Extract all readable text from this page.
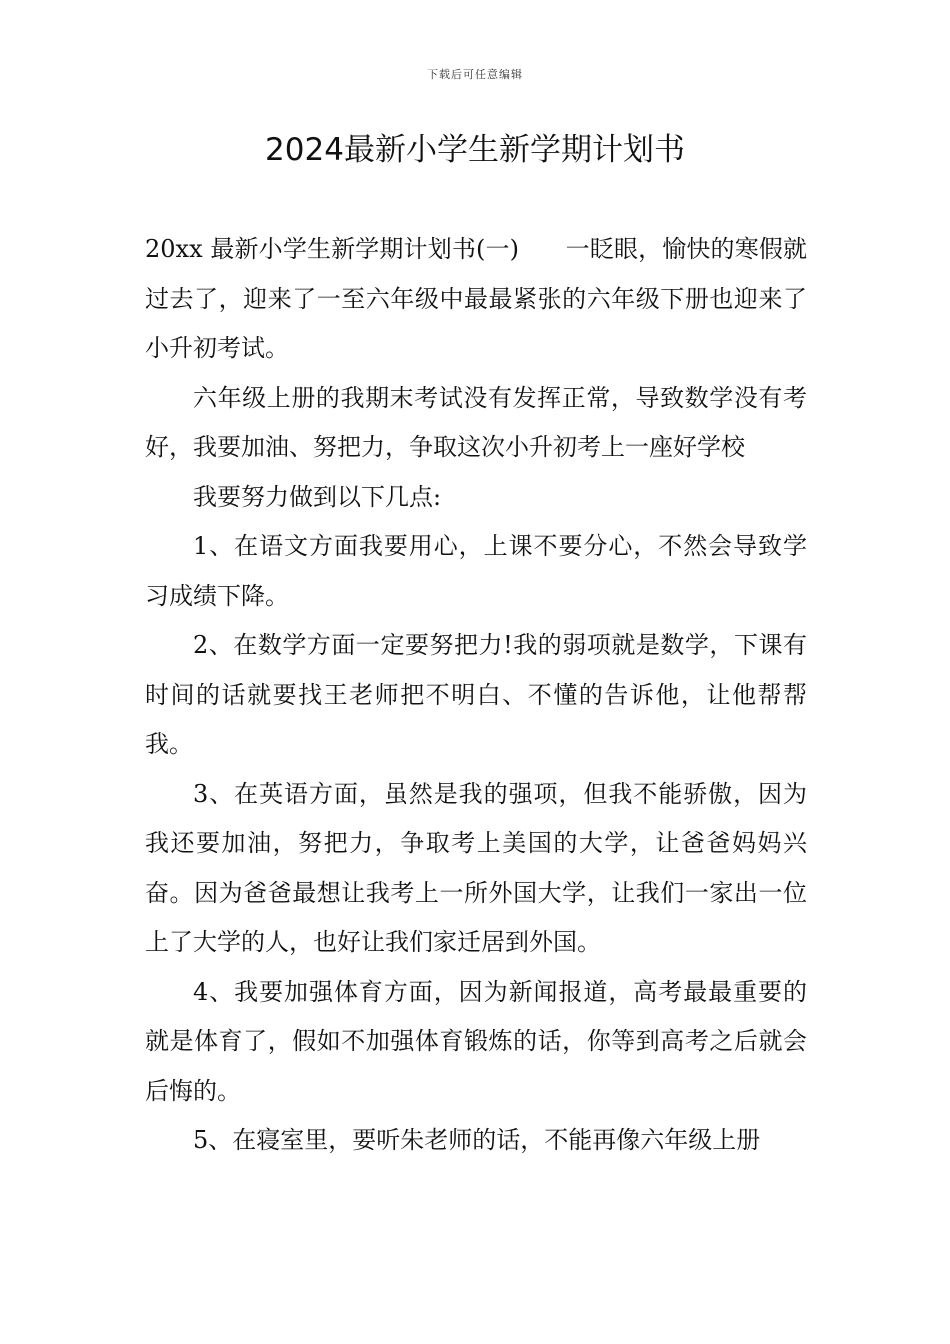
下载后可任意编辑
2024最新小学生新学期计划书

20xx 最新小学生新学期计划书(一)      一眨眼，愉快的寒假就过去了，迎来了一至六年级中最最紧张的六年级下册也迎来了小升初考试。

六年级上册的我期末考试没有发挥正常，导致数学没有考好，我要加油、努把力，争取这次小升初考上一座好学校

我要努力做到以下几点:

1、在语文方面我要用心，上课不要分心，不然会导致学习成绩下降。

2、在数学方面一定要努把力!我的弱项就是数学，下课有时间的话就要找王老师把不明白、不懂的告诉他，让他帮帮我。

3、在英语方面，虽然是我的强项，但我不能骄傲，因为我还要加油，努把力，争取考上美国的大学，让爸爸妈妈兴奋。因为爸爸最想让我考上一所外国大学，让我们一家出一位上了大学的人，也好让我们家迁居到外国。

4、我要加强体育方面，因为新闻报道，高考最最重要的就是体育了，假如不加强体育锻炼的话，你等到高考之后就会后悔的。

5、在寝室里，要听朱老师的话，不能再像六年级上册
